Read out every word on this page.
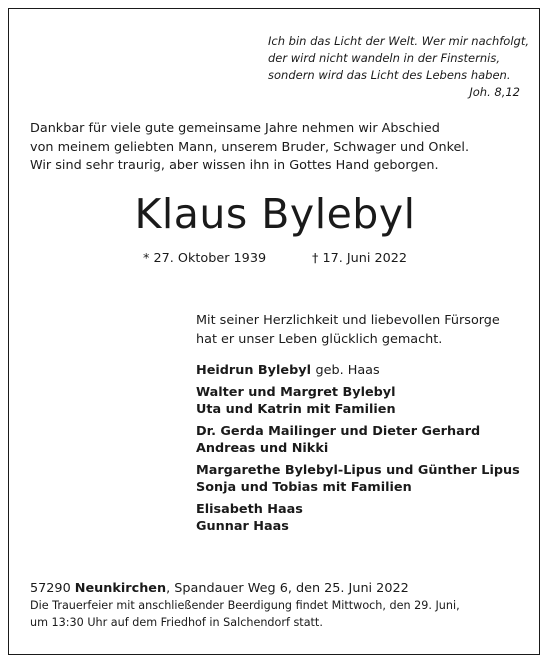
Ich bin das Licht der Welt. Wer mir nachfolgt,
der wird nicht wandeln in der Finsternis,
sondern wird das Licht des Lebens haben.
Joh. 8,12
Dankbar für viele gute gemeinsame Jahre nehmen wir Abschied
von meinem geliebten Mann, unserem Bruder, Schwager und Onkel.
Wir sind sehr traurig, aber wissen ihn in Gottes Hand geborgen.
Klaus Bylebyl
* 27. Oktober 1939	† 17. Juni 2022
Mit seiner Herzlichkeit und liebevollen Fürsorge
hat er unser Leben glücklich gemacht.
Heidrun Bylebyl geb. Haas
Walter und Margret Bylebyl
Uta und Katrin mit Familien
Dr. Gerda Mailinger und Dieter Gerhard
Andreas und Nikki
Margarethe Bylebyl-Lipus und Günther Lipus
Sonja und Tobias mit Familien
Elisabeth Haas
Gunnar Haas
57290 Neunkirchen, Spandauer Weg 6, den 25. Juni 2022
Die Trauerfeier mit anschließender Beerdigung findet Mittwoch, den 29. Juni,
um 13:30 Uhr auf dem Friedhof in Salchendorf statt.
